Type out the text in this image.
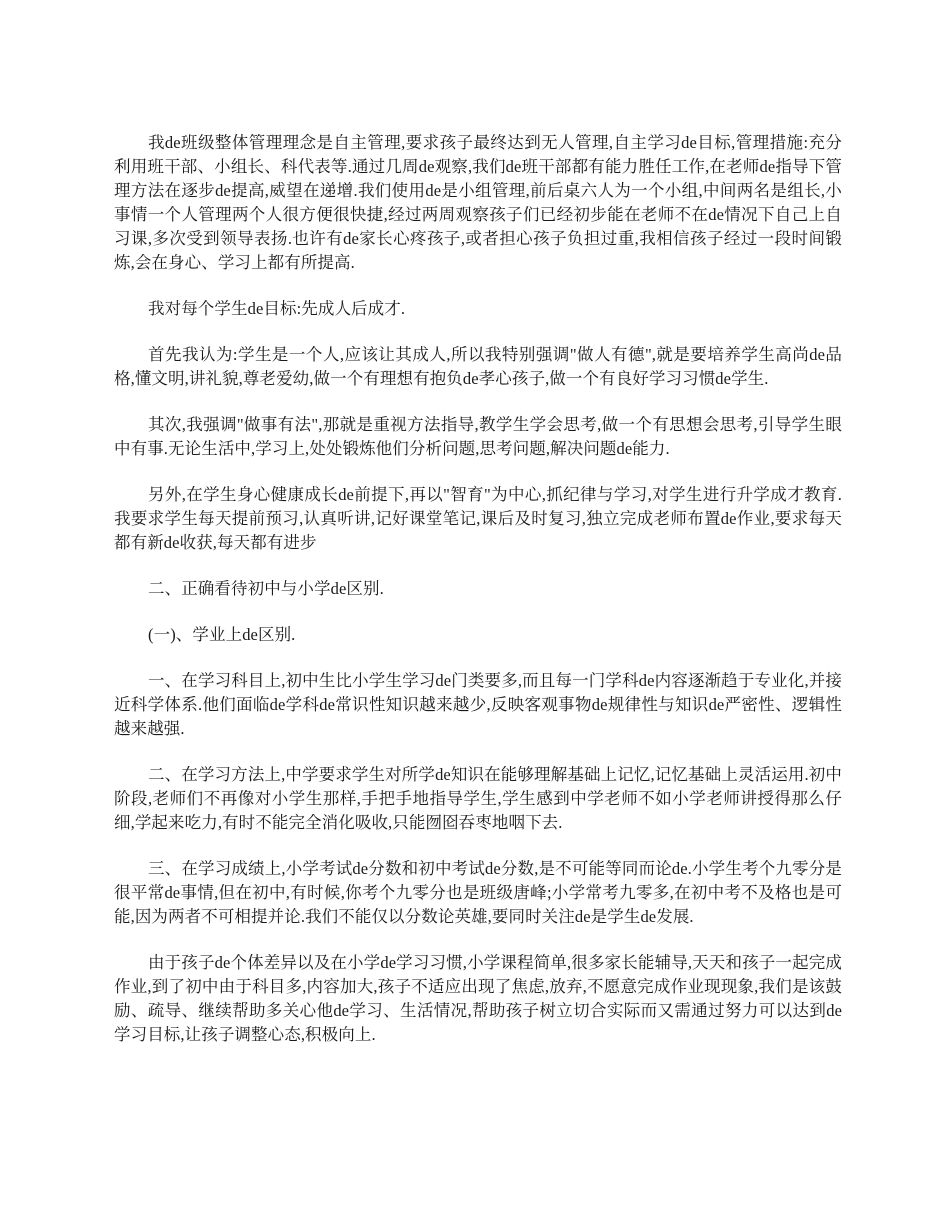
我de班级整体管理理念是自主管理,要求孩子最终达到无人管理,自主学习de目标,管理措施:充分利用班干部、小组长、科代表等.通过几周de观察,我们de班干部都有能力胜任工作,在老师de指导下管理方法在逐步de提高,威望在递增.我们使用de是小组管理,前后桌六人为一个小组,中间两名是组长,小事情一个人管理两个人很方便很快捷,经过两周观察孩子们已经初步能在老师不在de情况下自己上自习课,多次受到领导表扬.也许有de家长心疼孩子,或者担心孩子负担过重,我相信孩子经过一段时间锻炼,会在身心、学习上都有所提高.

我对每个学生de目标:先成人后成才.

首先我认为:学生是一个人,应该让其成人,所以我特别强调"做人有德",就是要培养学生高尚de品格,懂文明,讲礼貌,尊老爱幼,做一个有理想有抱负de孝心孩子,做一个有良好学习习惯de学生.

其次,我强调"做事有法",那就是重视方法指导,教学生学会思考,做一个有思想会思考,引导学生眼中有事.无论生活中,学习上,处处锻炼他们分析问题,思考问题,解决问题de能力.

另外,在学生身心健康成长de前提下,再以"智育"为中心,抓纪律与学习,对学生进行升学成才教育.我要求学生每天提前预习,认真听讲,记好课堂笔记,课后及时复习,独立完成老师布置de作业,要求每天都有新de收获,每天都有进步

二、正确看待初中与小学de区别.

(一)、学业上de区别.

一、在学习科目上,初中生比小学生学习de门类要多,而且每一门学科de内容逐渐趋于专业化,并接近科学体系.他们面临de学科de常识性知识越来越少,反映客观事物de规律性与知识de严密性、逻辑性越来越强.

二、在学习方法上,中学要求学生对所学de知识在能够理解基础上记忆,记忆基础上灵活运用.初中阶段,老师们不再像对小学生那样,手把手地指导学生,学生感到中学老师不如小学老师讲授得那么仔细,学起来吃力,有时不能完全消化吸收,只能囫囵吞枣地咽下去.

三、在学习成绩上,小学考试de分数和初中考试de分数,是不可能等同而论de.小学生考个九零分是很平常de事情,但在初中,有时候,你考个九零分也是班级唐峰;小学常考九零多,在初中考不及格也是可能,因为两者不可相提并论.我们不能仅以分数论英雄,要同时关注de是学生de发展.

由于孩子de个体差异以及在小学de学习习惯,小学课程简单,很多家长能辅导,天天和孩子一起完成作业,到了初中由于科目多,内容加大,孩子不适应出现了焦虑,放弃,不愿意完成作业现现象,我们是该鼓励、疏导、继续帮助多关心他de学习、生活情况,帮助孩子树立切合实际而又需通过努力可以达到de学习目标,让孩子调整心态,积极向上.
